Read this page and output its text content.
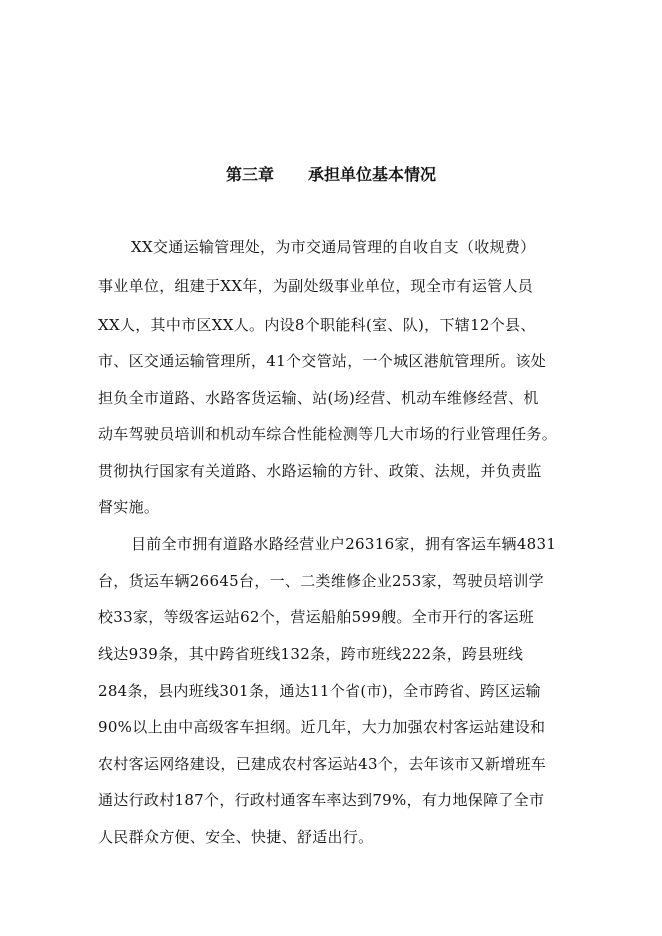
第三章 承担单位基本情况
XX交通运输管理处，为市交通局管理的自收自支（收规费）
事业单位，组建于XX年，为副处级事业单位，现全市有运管人员
XX人，其中市区XX人。内设8个职能科(室、队)，下辖12个县、
市、区交通运输管理所，41个交管站，一个城区港航管理所。该处
担负全市道路、水路客货运输、站(场)经营、机动车维修经营、机
动车驾驶员培训和机动车综合性能检测等几大市场的行业管理任务。
贯彻执行国家有关道路、水路运输的方针、政策、法规，并负责监
督实施。
目前全市拥有道路水路经营业户26316家，拥有客运车辆4831
台，货运车辆26645台，一、二类维修企业253家，驾驶员培训学
校33家，等级客运站62个，营运船舶599艘。全市开行的客运班
线达939条，其中跨省班线132条，跨市班线222条，跨县班线
284条，县内班线301条，通达11个省(市)，全市跨省、跨区运输
90%以上由中高级客车担纲。近几年，大力加强农村客运站建设和
农村客运网络建设，已建成农村客运站43个，去年该市又新增班车
通达行政村187个，行政村通客车率达到79%，有力地保障了全市
人民群众方便、安全、快捷、舒适出行。
